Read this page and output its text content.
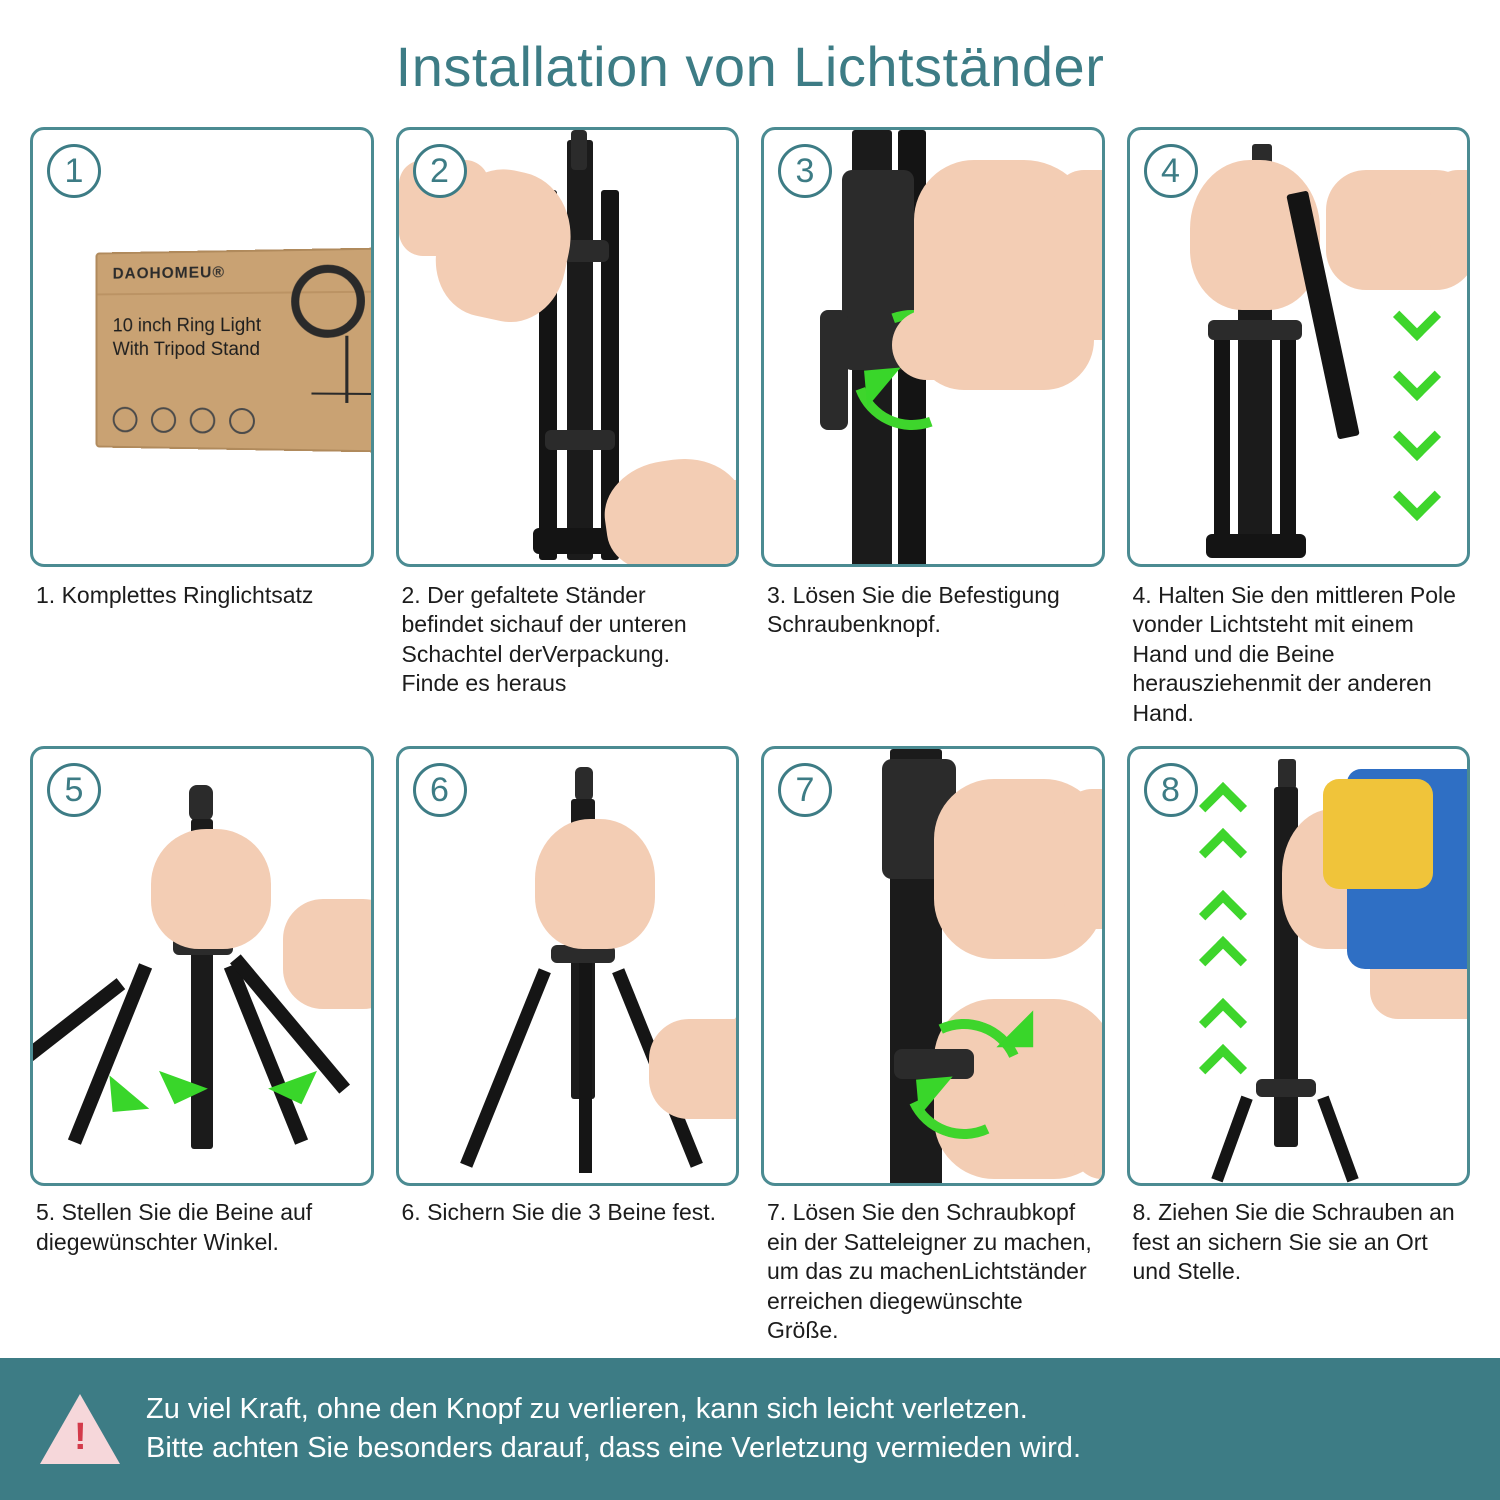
Installation von Lichtständer
1
DAOHOMEU®
10 inch Ring Light
With Tripod Stand
1. Komplettes Ringlichtsatz
2
2. Der gefaltete Ständer befindet sichauf der unteren Schachtel derVerpackung. Finde es heraus
3
3. Lösen Sie die Befestigung Schraubenknopf.
4
4. Halten Sie den mittleren Pole vonder Lichtsteht mit einem Hand und die Beine herausziehenmit der anderen Hand.
5
5. Stellen Sie die Beine auf diegewünschter Winkel.
6
6. Sichern Sie die 3 Beine fest.
7
7. Lösen Sie den Schraubkopf ein der Satteleigner zu machen, um das zu machenLichtständer erreichen diegewünschte Größe.
8
8. Ziehen Sie die Schrauben an fest an sichern Sie sie an Ort und Stelle.
!
Zu viel Kraft, ohne den Knopf zu verlieren, kann sich leicht verletzen.
Bitte achten Sie besonders darauf, dass eine Verletzung vermieden wird.
